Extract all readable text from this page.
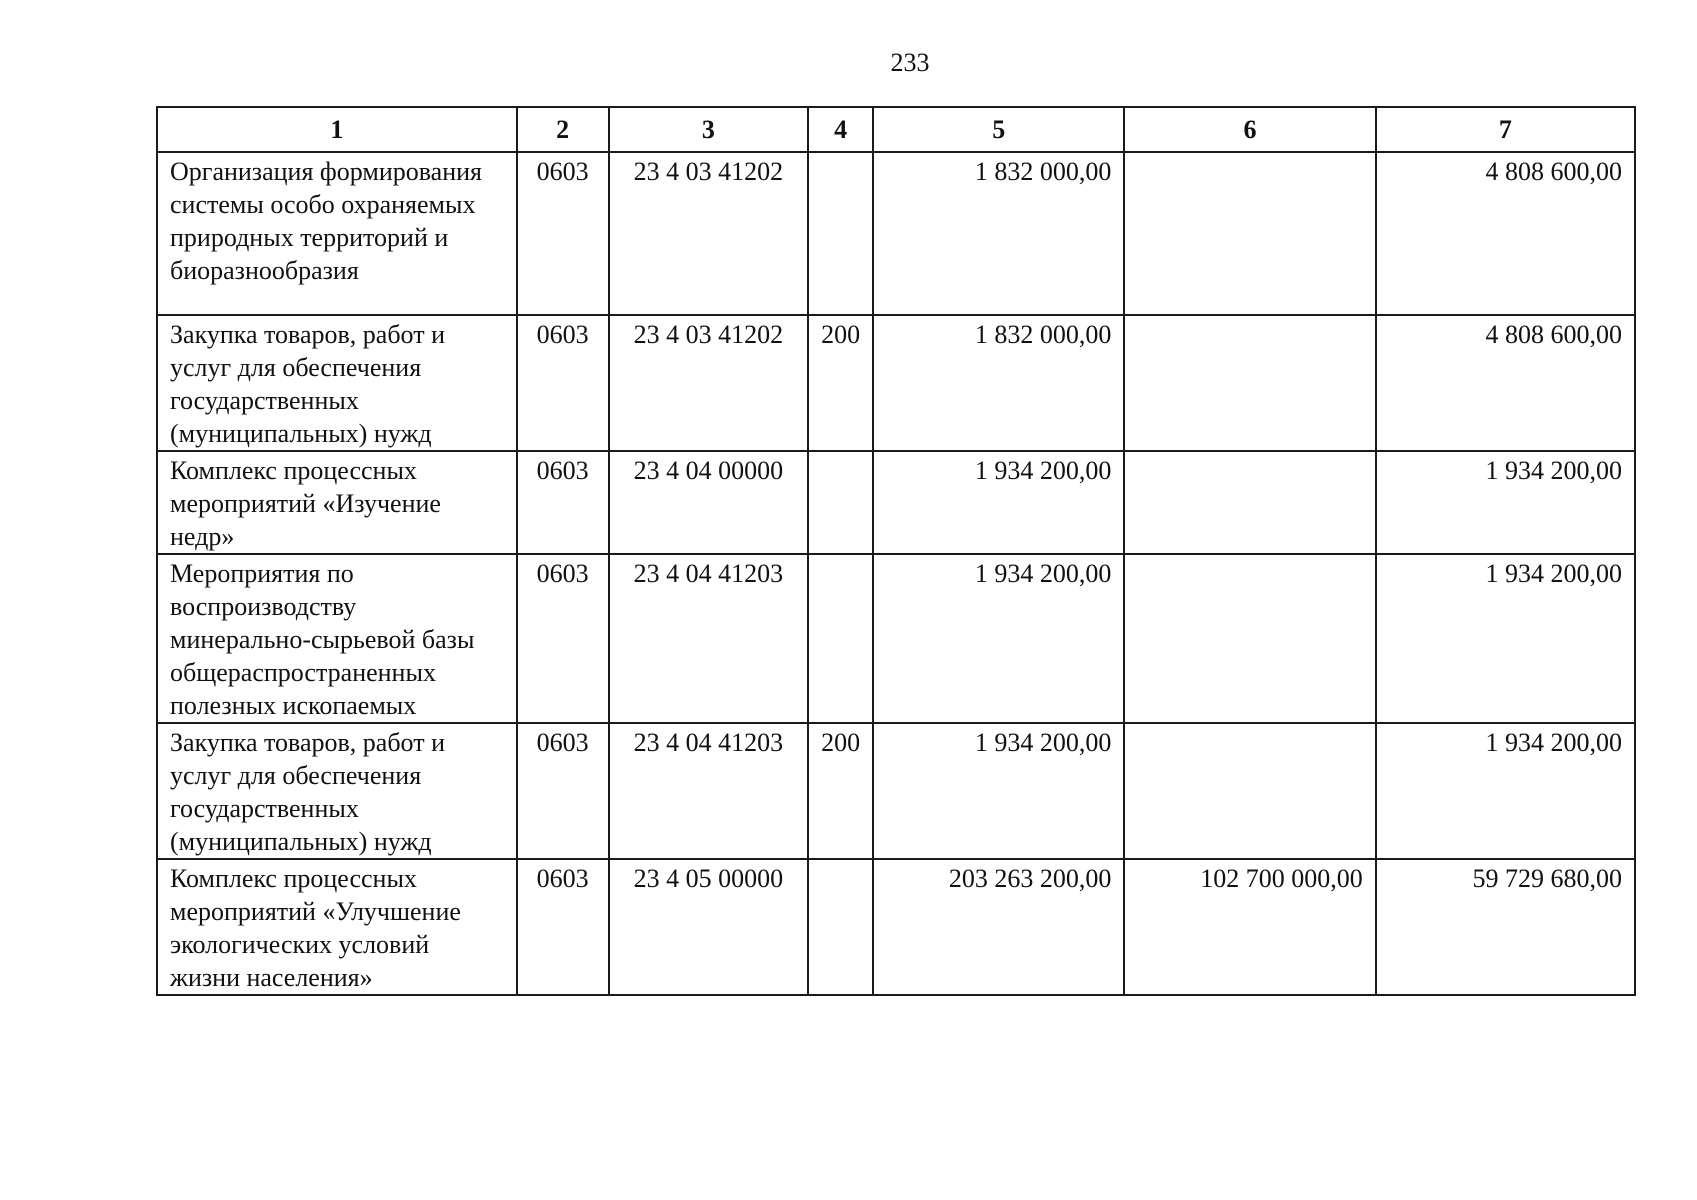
233
1	2	3	4	5	6	7
Организация формирования системы особо охраняемых природных территорий и биоразнообразия	0603	23 4 03 41202		1 832 000,00		4 808 600,00
Закупка товаров, работ и услуг для обеспечения государственных (муниципальных) нужд	0603	23 4 03 41202	200	1 832 000,00		4 808 600,00
Комплекс процессных мероприятий «Изучение недр»	0603	23 4 04 00000		1 934 200,00		1 934 200,00
Мероприятия по воспроизводству минерально-сырьевой базы общераспространенных полезных ископаемых	0603	23 4 04 41203		1 934 200,00		1 934 200,00
Закупка товаров, работ и услуг для обеспечения государственных (муниципальных) нужд	0603	23 4 04 41203	200	1 934 200,00		1 934 200,00
Комплекс процессных мероприятий «Улучшение экологических условий жизни населения»	0603	23 4 05 00000		203 263 200,00	102 700 000,00	59 729 680,00
